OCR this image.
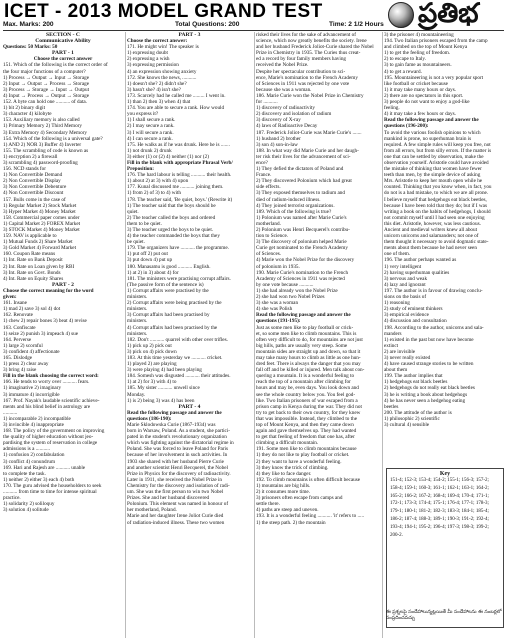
ICET - 2013 MODEL GRAND TEST
Max. Marks: 200	Total Questions: 200	Time: 2 1/2 Hours ప్రతిభ
SECTION - C
Communicative Ability
Questions: 50 Marks: 50
PART - 1
Choose the correct answer
151. Which of the following is the correct order of
the four major functions of a computer?
1) Process → Output → Input → Storage
2) Input → Output → Process → Storage
3) Process → Storage → Input → Output
4) Input → Process → Output → Storage
152. A byte can hold one ........... of data.
1) bit 2) binary digit
3) character 4) kilobyte
153. Auxiliary memory is also called
1) Primary Memory 2) Third Memory
3) Extra Memory 4) Secondary Memory
154. Which of the following is a universal gate?
1) AND 2) NOR 3) Buffer 4) Inverter
155. The scrambling of code is known as
1) encryption 2) a firewall
3) scrambling 4) password-proofing
156. NCD stands for
1) Non Convertible Demand
2) Non Convertible Display
3) Non Convertible Debenture
4) Non Convertible Discount
157. Bulls come in the case of
1) Regular Market 2) Stock Market
3) Hyper Market 4) Money Market
158. Commercial paper comes under
1) Capital Market 2) FOREX Market
3) STOCK Market 4) Money Market
159. NAV is applicable to
1) Mutual Funds 2) Share Market
3) Gold Market 4) Forward Market
160. Coupon Rate means
1) Int. Rate on Bank Deposit
2) Int. Rate on Loan given by RBI
3) Int. Rate on Govt. Bonds
4) Int. Rate on Equity Shares
PART - 2
Choose the correct meaning for the word
given:
161. Insane
1) mad 2) save 3) sol 4) dot
162. Renovate
1) chew 2) repair bones 3) beat 4) revise
163. Confiscate
1) seize 2) punish 3) impeach 4) sue
164. Perverse
1) large 2) scornful
3) confident 4) affectionate
165. Dislodge
1) press 2) clear away
3) bring 4) raise
Fill in the blank choosing the correct word:
166. He tends to worry over ........... fears.
1) imaginative 2) imaginary
3) immature 4) incorrigible
167. Prof. Nayak's laudable scientific achieve-
ments and his blind belief in astrology are
...........
1) incomparable 2) incompatible
3) invincible 4) inappropriate
168. The policy of the government on improving
the quality of higher education without jeo-
pardising the system of reservation in college
admissions is a ...........
1) confusion 2) confabulation
3) conflict 4) conundrum
169. Hari and Rajesh are ........... unable
to complete the task.
1) neither 2) either 3) each 4) both
170. The guru advised the householders to seek
........... from time to time for intense spiritual
practice.
1) solidarity 2) soliloquy
3) solution 4) solitude
PART - 3
Choose the correct answer:
171. He might win! The speaker is
1) expressing doubt
2) expressing a wish
3) expressing permission
4) an expression showing anxiety
172. She knows the news, ...........
1) doesn't she? 2) didn't she?
3) hasn't she? 4) isn't she?
173. Scarcely had he called me ......... I went in.
1) than 2) then 3) when 4) that
174. You are able to secure a rank. How would
you express it?
1) I shall secure a rank.
2) I may secure a rank.
3) I will secure a rank.
4) I can secure a rank.
175. He walks as if he was drunk. Here he is .......
1) not drunk 2) drunk
3) either (1) or (2) 4) neither (1) nor (2)
Fill in the blank with appropriate Phrasal Verb/
Preposition:
176. The hard labour is telling ........... their health.
1) about 2) at 3) with 4) upon
177. Kunal discussed me ........... joining them.
1) from 2) of 3) to 4) with
178. The teacher said, 'Be quiet, boys.' (Rewrite it)
1) The teacher said that the boys should be
quiet.
2) The teacher called the boys and ordered
them to be quiet.
3) The teacher urged the boys to be quiet.
4) the teacher commanded the boys that they
be quiet.
179. The organizers have ........... the programme.
1) put off 2) put out
3) put down 4) put up
180. Manasamu is good ........... English.
1) at 2) in 3) about 4) for
181. The ministers were practising corrupt affairs.
(The passive form of the sentence is)
1) Corrupt affairs were practised by the
ministers.
2) Corrupt affairs were being practised by the
ministers.
3) Corrupt affairs had been practised by
ministers.
4) Corrupt affairs had been practised by the
ministers.
182. Don't ........... quarrel with other over trifles.
1) pick up 2) pick out
3) pick on 4) pick down
183. At this time yesterday we ........... cricket.
1) played 2) are playing
3) were playing 4) had been playing
184. Somesh was disgusted ........... their attitudes.
1) at 2) for 3) with 4) to
185. My sister ........... unwell since
Monday.
1) is 2) being 3) was 4) has been
PART - 4
Read the following passage and answer the
questions (186-190):
Marie Sklodowska Curie (1867-1934) was
born in Warsaw, Poland. As a student, she partici-
pated in the student's revolutionary organization
which was fighting against the dictatorial regime in
Poland. She was forced to leave Poland for Paris
because of her involvement in such activities. In
1903 she shared with her husband Pierre Curie
and another scientist Henri Becquerel, the Nobel
Prize in Physics for the discovery of radioactivity.
Later in 1911, she received the Nobel Prize in
Chemistry for the discovery and isolation of radi-
um. She was the first person to win two Nobel
Prizes. She and her husband discovered
Polonium. This element was named in honour of
her motherland, Poland.
Marie and her daughter Irene Joliot Curie died
of radiation-induced illness. These two women
risked their lives for the sake of advancement of
science, which now greatly benefits the society. Irene
and her husband Frederick Joliot-Curie shared the Nobel
Prize in Chemistry in 1935. The Curies thus creat-
ed a record by four family members having
received the Nobel Prize.
Despite her spectacular contribution to sci-
ence, Marie's nomination to the French Academy
of Sciences in 1911 was rejected by one vote
because she was a woman.
186. Marie Curie won the Nobel Prize in Chemistry
for ...........
1) discovery of radioactivity
2) discovery and isolation of radium
3) discovery of X-ray
4) laws of Radioactive Decay
187. Frederick Joliot-Curie was Marie Curie's .......
1) husband 2) brother
3) son 4) son-in-law
188. In what way did Marie Curie and her daugh-
ter risk their lives for the advancement of sci-
ence?
1) They defied the dictators of Poland and
France.
2) They discovered Polonium which had great
side effects.
3) They exposed themselves to radium and
died of radium-induced illness.
4) They joined terrorist organizations.
189. Which of the following is true?
1) Polonium was named after Marie Curie's
motherland.
2) Polonium was Henri Becquerel's contribu-
tion to Science.
3) The discovery of polonium helped Marie
Curie get nominated to the French Academy
of Sciences.
4) Marie won the Nobel Prize for the discovery
of polonium in 1935.
190. Marie Curie's nomination to the French
Academy of Sciences in 1911 was rejected
by one vote because ...........
1) she had already won the Nobel Prize
2) she had won two Nobel Prizes
3) she was a woman
4) she was Polish
Read the following passage and answer the
questions (191-195):
Just as some men like to play football or crick-
et, so some men like to climb mountains. This is
often very difficult to do, for mountains are not just
big hills, paths are usually very steep. Some
mountain sides are straight up and down, so that it
may take many hours to climb as little as one hun-
dred feet. There is always the danger that you may
fall off and be killed or injured. Men talk about con-
quering a mountain. It is a wonderful feeling to
reach the top of a mountain after climbing for
hours and may be, even days. You look down and
see the whole country below you. You feel god-
like. Two Italian prisoners of war escaped from a
prison camp in Kenya during the war. They did not
try to get back to their own country, for they knew
that was impossible. Instead, they climbed to the
top of Mount Kenya, and then they came down
again and gave themselves up. They had wanted
to get that feeling of freedom that one has, after
climbing a difficult mountain.
191. Some men like to climb mountains because
1) they do not like to play football or cricket.
2) they want to have a wonderful feeling.
3) they know the trick of climbing.
4) they like to face danger.
192. To climb mountains is often difficult because
1) mountains are big hills.
2) it consumes more time.
3) prisoners often escape from camps and
settle there.
4) paths are steep and uneven.
193. It is a wonderful feeling ........... 'it' refers to .....
1) the steep path. 2) the mountain
3) the prisoner 4) mountaineering
194. Two Italian prisoners escaped from the camp
and climbed on the top of Mount Kenya
1) to get the feeling of freedom.
2) to escape to Italy.
3) to gain fame as mountaineers.
4) to get a reward.
195. Mountaineering is not a very popular sport
like football or cricket because
1) it may take many hours or days.
2) there are no spectators in this sport.
3) people do not want to enjoy a god-like
feeling.
4) it may take a few hours or days.
Read the following passage and answer the
questions (196-200):
To avoid the various foolish opinions to which
mankind is prone, no superhuman brain is
required. A few simple rules will keep you free, not
from all errors, but from silly errors. If the matter is
one that can be settled by observation, make the
observation yourself. Aristotle could have avoided
the mistake of thinking that women have fewer
teeth than men, by the simple device of asking
Mrs. Aristotle to keep her mouth open while he
counted. Thinking that you know when, in fact, you
do not is a bad mistake, to which we are all prone.
I believe myself that hedgehogs eat black beetles,
because I have been told that they do; but if I was
writing a book on the habits of hedgehogs, I should
not commit myself until I had seen one enjoying
this diet. Aristotle, however, was less cautious.
Ancient and medieval writers knew all about
unicorn unicorns and salamanders; not one of
them thought it necessary to avoid dogmatic state-
ments about them because he had never seen
one of them.
196. The author perhaps wanted as
1) very intelligent
2) having superhuman qualities
3) nervous and weak
4) lazy and ignorant
197. The author is in favour of drawing conclu-
sions on the basis of
1) reasoning
2) study of eminent thinkers
3) empirical evidence
4) discussion and consultation
198. According to the author, unicorns and sala-
manders
1) existed in the past but now have become
extinct
2) are invisible
3) never really existed
4) have caused strange stories to be written
about them
199. The author implies that
1) hedgehogs eat black beetles
2) hedgehogs do not really eat black beetles
3) he is writing a book about hedgehogs
4) he has never seen a hedgehog eating
beetles
200. The attitude of the author is
1) philosophic 2) scientific
3) cultural 4) sensible
Key
151-4; 152-3; 153-4; 154-2; 155-1; 156-3; 157-2;
158-4; 159-1; 160-3; 161-1; 162-1; 163-1; 164-2;
165-2; 166-2; 167-2; 168-4; 169-4; 170-4; 171-1;
172-1; 173-3; 174-4; 175-1; 176-4; 177-1; 178-3;
179-1; 180-1; 181-2; 182-3; 183-3; 184-1; 185-4;
186-2; 187-4; 188-3; 189-1; 190-3; 191-2; 192-4;
193-4; 194-1; 195-2; 196-4; 197-3; 198-3; 199-2;
200-2.
ఈ ప్రశ్నలపై సందేహాలున్నట్లయితే మీ సందేహాలను ఈ నంబర్లలో సంప్రదించవచ్చు
